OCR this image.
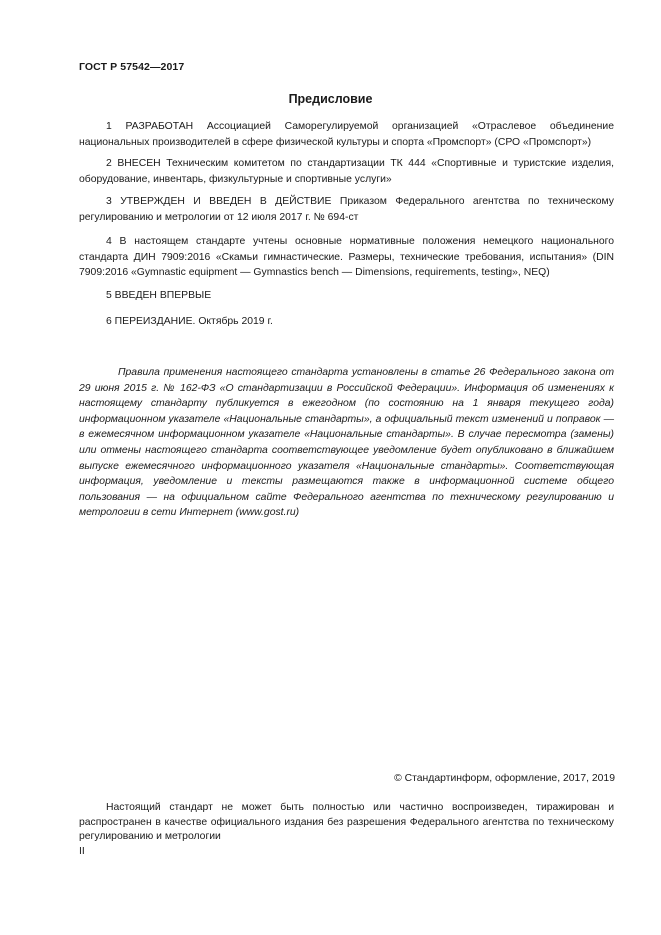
ГОСТ Р 57542—2017
Предисловие

1 РАЗРАБОТАН Ассоциацией Саморегулируемой организацией «Отраслевое объединение национальных производителей в сфере физической культуры и спорта «Промспорт» (СРО «Промспорт»)

2 ВНЕСЕН Техническим комитетом по стандартизации ТК 444 «Спортивные и туристские изделия, оборудование, инвентарь, физкультурные и спортивные услуги»

3 УТВЕРЖДЕН И ВВЕДЕН В ДЕЙСТВИЕ Приказом Федерального агентства по техническому регулированию и метрологии от 12 июля 2017 г. № 694-ст

4 В настоящем стандарте учтены основные нормативные положения немецкого национального стандарта ДИН 7909:2016 «Скамьи гимнастические. Размеры, технические требования, испытания» (DIN 7909:2016 «Gymnastic equipment — Gymnastics bench — Dimensions, requirements, testing», NEQ)

5 ВВЕДЕН ВПЕРВЫЕ

6 ПЕРЕИЗДАНИЕ. Октябрь 2019 г.

Правила применения настоящего стандарта установлены в статье 26 Федерального закона от 29 июня 2015 г. № 162-ФЗ «О стандартизации в Российской Федерации». Информация об изменениях к настоящему стандарту публикуется в ежегодном (по состоянию на 1 января текущего года) информационном указателе «Национальные стандарты», а официальный текст изменений и поправок — в ежемесячном информационном указателе «Национальные стандарты». В случае пересмотра (замены) или отмены настоящего стандарта соответствующее уведомление будет опубликовано в ближайшем выпуске ежемесячного информационного указателя «Национальные стандарты». Соответствующая информация, уведомление и тексты размещаются также в информационной системе общего пользования — на официальном сайте Федерального агентства по техническому регулированию и метрологии в сети Интернет (www.gost.ru)

© Стандартинформ, оформление, 2017, 2019

Настоящий стандарт не может быть полностью или частично воспроизведен, тиражирован и распространен в качестве официального издания без разрешения Федерального агентства по техническому регулированию и метрологии

II
